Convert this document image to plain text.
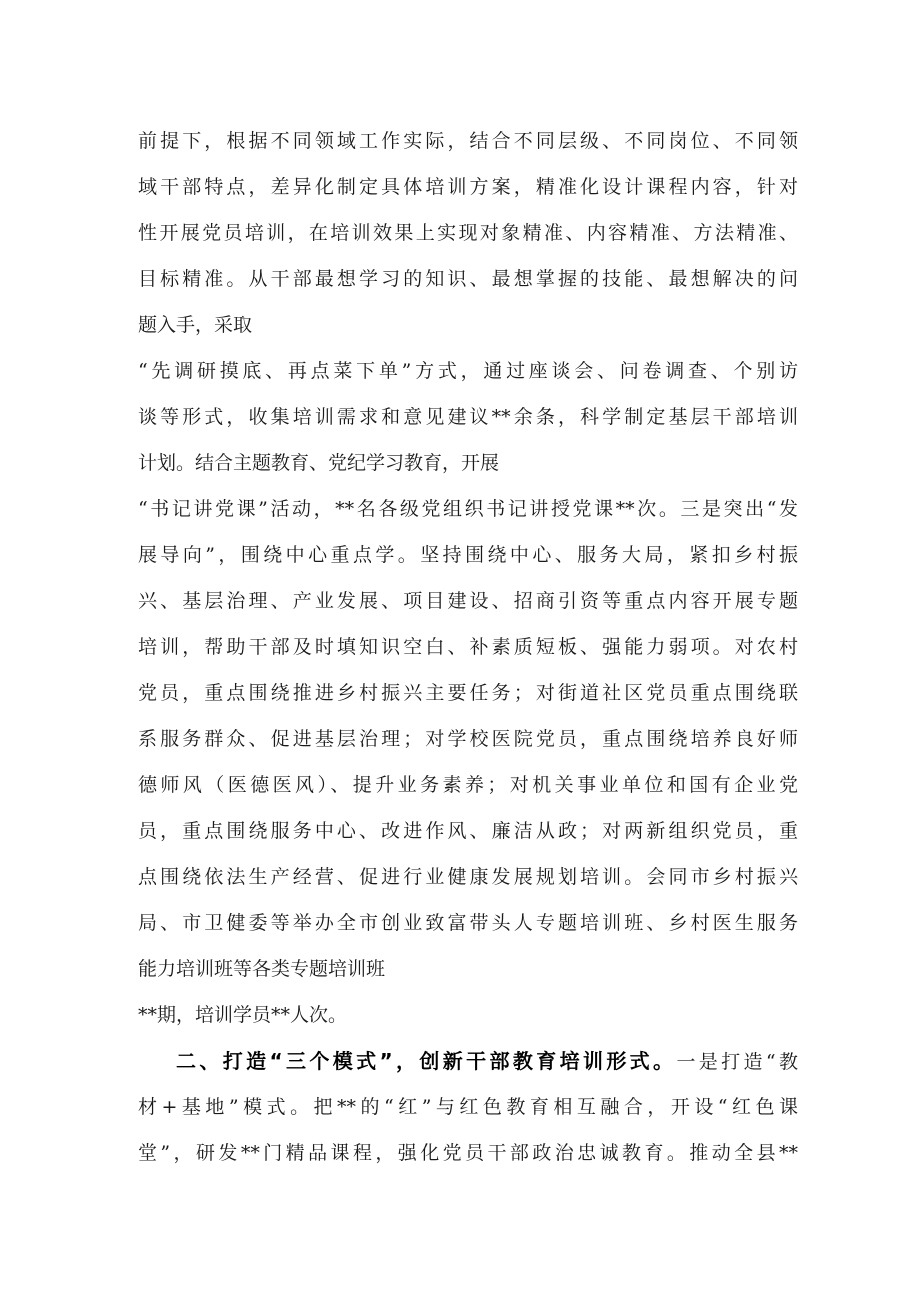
前提下，根据不同领域工作实际，结合不同层级、不同岗位、不同领
域干部特点，差异化制定具体培训方案，精准化设计课程内容，针对
性开展党员培训，在培训效果上实现对象精准、内容精准、方法精准、
目标精准。从干部最想学习的知识、最想掌握的技能、最想解决的问
题入手，采取
“先调研摸底、再点菜下单”方式，通过座谈会、问卷调查、个别访
谈等形式，收集培训需求和意见建议**余条，科学制定基层干部培训
计划。结合主题教育、党纪学习教育，开展
“书记讲党课”活动，**名各级党组织书记讲授党课**次。三是突出“发
展导向”，围绕中心重点学。坚持围绕中心、服务大局，紧扣乡村振
兴、基层治理、产业发展、项目建设、招商引资等重点内容开展专题
培训，帮助干部及时填知识空白、补素质短板、强能力弱项。对农村
党员，重点围绕推进乡村振兴主要任务；对街道社区党员重点围绕联
系服务群众、促进基层治理；对学校医院党员，重点围绕培养良好师
德师风（医德医风）、提升业务素养；对机关事业单位和国有企业党
员，重点围绕服务中心、改进作风、廉洁从政；对两新组织党员，重
点围绕依法生产经营、促进行业健康发展规划培训。会同市乡村振兴
局、市卫健委等举办全市创业致富带头人专题培训班、乡村医生服务
能力培训班等各类专题培训班
**期，培训学员**人次。
二、打造“三个模式”，创新干部教育培训形式。一是打造“教
材+基地”模式。把**的“红”与红色教育相互融合，开设“红色课
堂”，研发**门精品课程，强化党员干部政治忠诚教育。推动全县**
